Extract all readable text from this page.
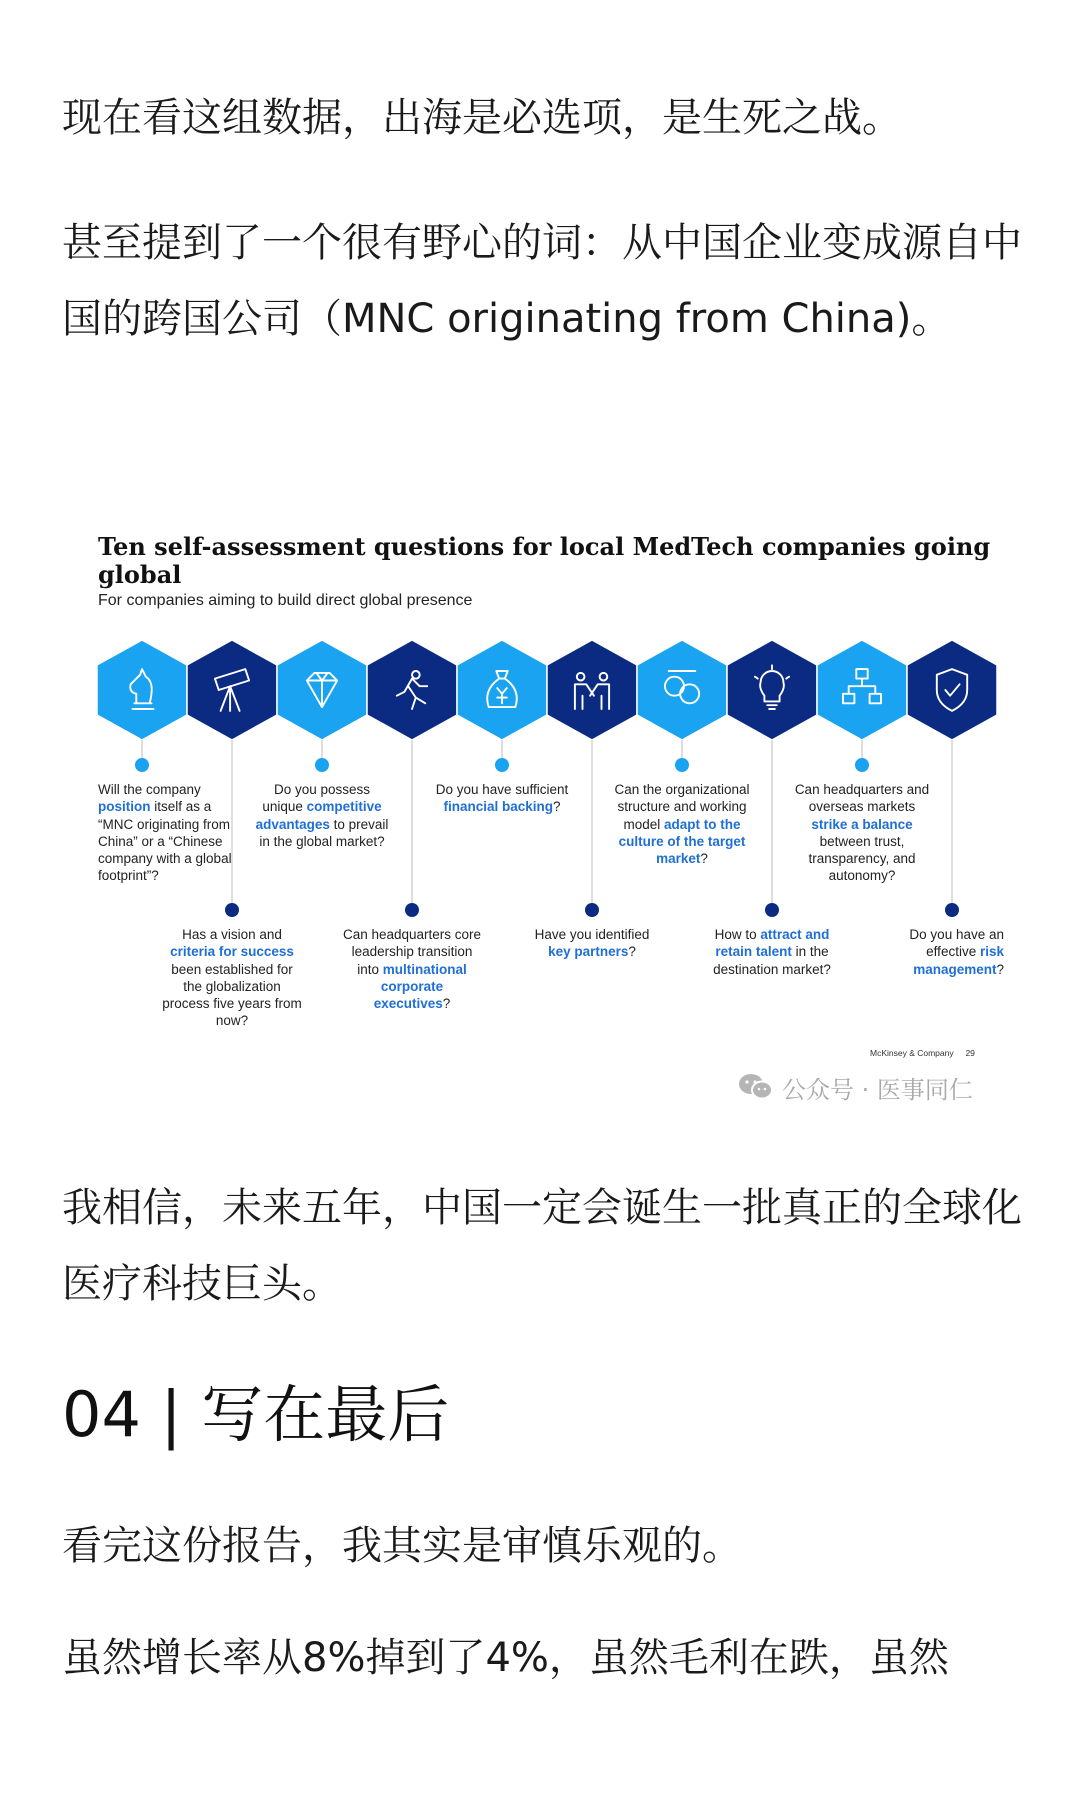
现在看这组数据，出海是必选项，是生死之战。

甚至提到了一个很有野心的词：从中国企业变成源自中国的跨国公司（MNC originating from China)。

Ten self-assessment questions for local MedTech companies going global

For companies aiming to build direct global presence

Will the company position itself as a “MNC originating from China” or a “Chinese company with a global footprint”?

Has a vision and criteria for success been established for the globalization process five years from now?

Do you possess unique competitive advantages to prevail in the global market?

Can headquarters core leadership transition into multinational corporate executives?

Do you have sufficient financial backing?

Have you identified key partners?

Can the organizational structure and working model adapt to the culture of the target market?

How to attract and retain talent in the destination market?

Can headquarters and overseas markets strike a balance between trust, transparency, and autonomy?

Do you have an effective risk management?

McKinsey & Company 29

公众号 · 医事同仁

我相信，未来五年，中国一定会诞生一批真正的全球化医疗科技巨头。

04 | 写在最后

看完这份报告，我其实是审慎乐观的。

虽然增长率从8%掉到了4%，虽然毛利在跌，虽然
